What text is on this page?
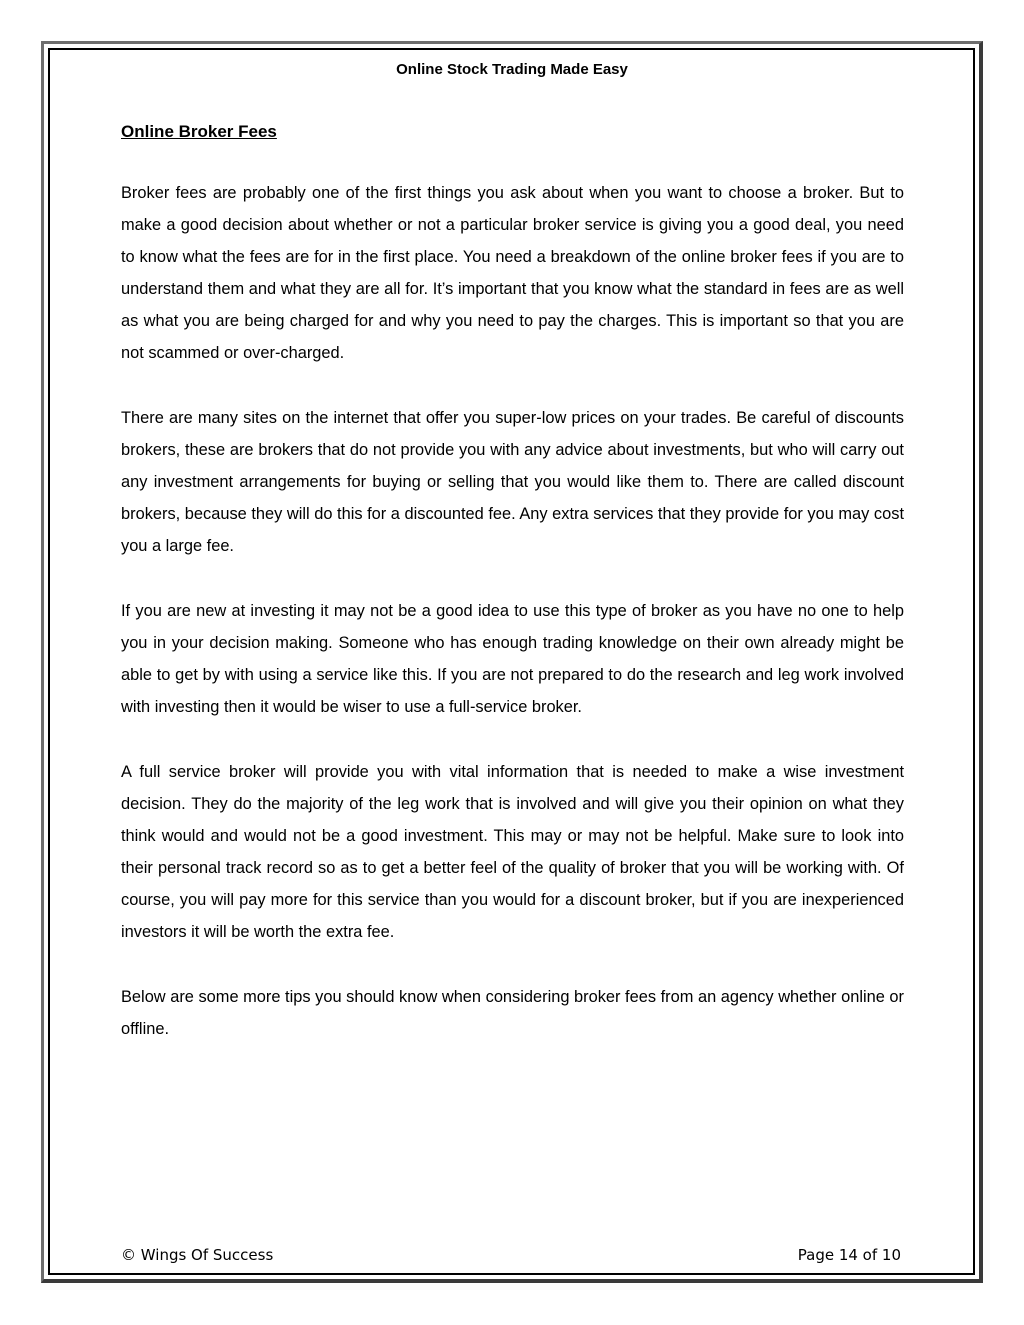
Online Stock Trading Made Easy
Online Broker Fees

Broker fees are probably one of the first things you ask about when you want to choose a broker. But to make a good decision about whether or not a particular broker service is giving you a good deal, you need to know what the fees are for in the first place. You need a breakdown of the online broker fees if you are to understand them and what they are all for. It’s important that you know what the standard in fees are as well as what you are being charged for and why you need to pay the charges. This is important so that you are not scammed or over-charged.

There are many sites on the internet that offer you super-low prices on your trades. Be careful of discounts brokers, these are brokers that do not provide you with any advice about investments, but who will carry out any investment arrangements for buying or selling that you would like them to. There are called discount brokers, because they will do this for a discounted fee. Any extra services that they provide for you may cost you a large fee.

If you are new at investing it may not be a good idea to use this type of broker as you have no one to help you in your decision making. Someone who has enough trading knowledge on their own already might be able to get by with using a service like this. If you are not prepared to do the research and leg work involved with investing then it would be wiser to use a full-service broker.

A full service broker will provide you with vital information that is needed to make a wise investment decision. They do the majority of the leg work that is involved and will give you their opinion on what they think would and would not be a good investment. This may or may not be helpful. Make sure to look into their personal track record so as to get a better feel of the quality of broker that you will be working with. Of course, you will pay more for this service than you would for a discount broker, but if you are inexperienced investors it will be worth the extra fee.

Below are some more tips you should know when considering broker fees from an agency whether online or offline.

© Wings Of Success	Page 14 of 10
